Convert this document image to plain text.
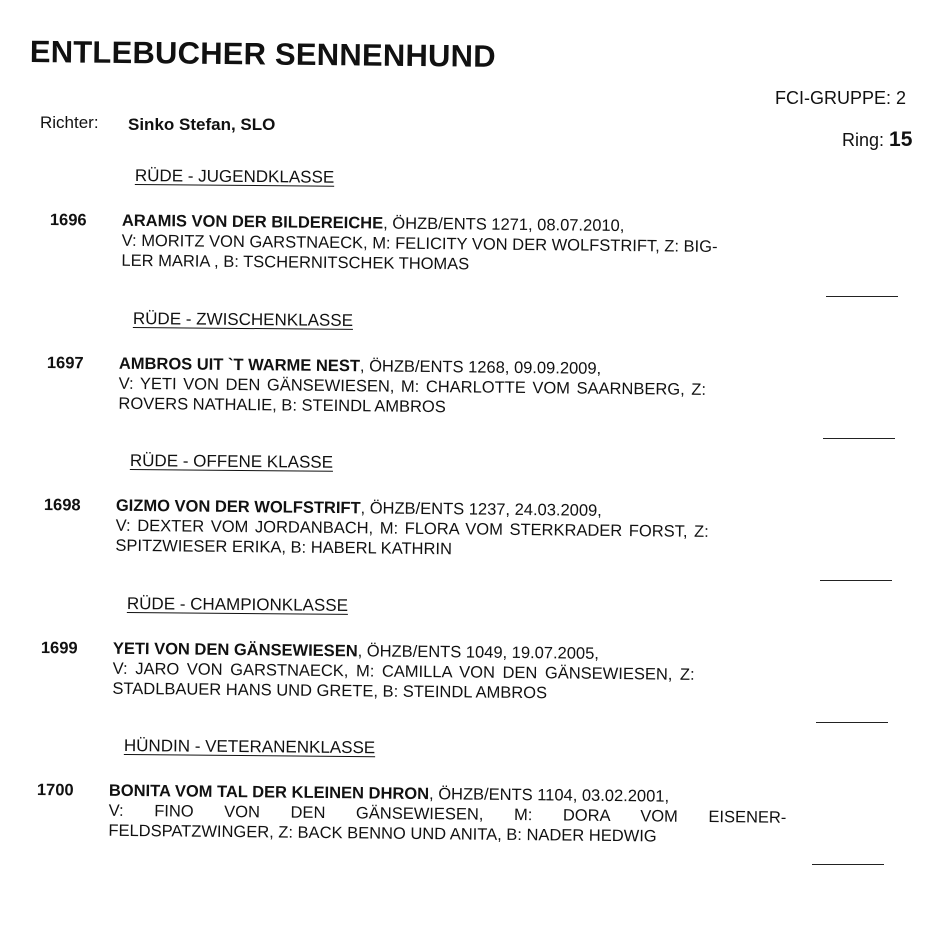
ENTLEBUCHER SENNENHUND
FCI-GRUPPE: 2
Richter: Sinko Stefan, SLO
Ring: 15
RÜDE - JUGENDKLASSE
1696 ARAMIS VON DER BILDEREICHE, ÖHZB/ENTS 1271, 08.07.2010,
V: MORITZ VON GARSTNAECK, M: FELICITY VON DER WOLFSTRIFT, Z: BIG-
LER MARIA , B: TSCHERNITSCHEK THOMAS
RÜDE - ZWISCHENKLASSE
1697 AMBROS UIT `T WARME NEST, ÖHZB/ENTS 1268, 09.09.2009,
V: YETI VON DEN GÄNSEWIESEN, M: CHARLOTTE VOM SAARNBERG, Z:
ROVERS NATHALIE, B: STEINDL AMBROS
RÜDE - OFFENE KLASSE
1698 GIZMO VON DER WOLFSTRIFT, ÖHZB/ENTS 1237, 24.03.2009,
V: DEXTER VOM JORDANBACH, M: FLORA VOM STERKRADER FORST, Z:
SPITZWIESER ERIKA, B: HABERL KATHRIN
RÜDE - CHAMPIONKLASSE
1699 YETI VON DEN GÄNSEWIESEN, ÖHZB/ENTS 1049, 19.07.2005,
V: JARO VON GARSTNAECK, M: CAMILLA VON DEN GÄNSEWIESEN, Z:
STADLBAUER HANS UND GRETE, B: STEINDL AMBROS
HÜNDIN - VETERANENKLASSE
1700 BONITA VOM TAL DER KLEINEN DHRON, ÖHZB/ENTS 1104, 03.02.2001,
V: FINO VON DEN GÄNSEWIESEN, M: DORA VOM EISENER-
FELDSPATZWINGER, Z: BACK BENNO UND ANITA, B: NADER HEDWIG
